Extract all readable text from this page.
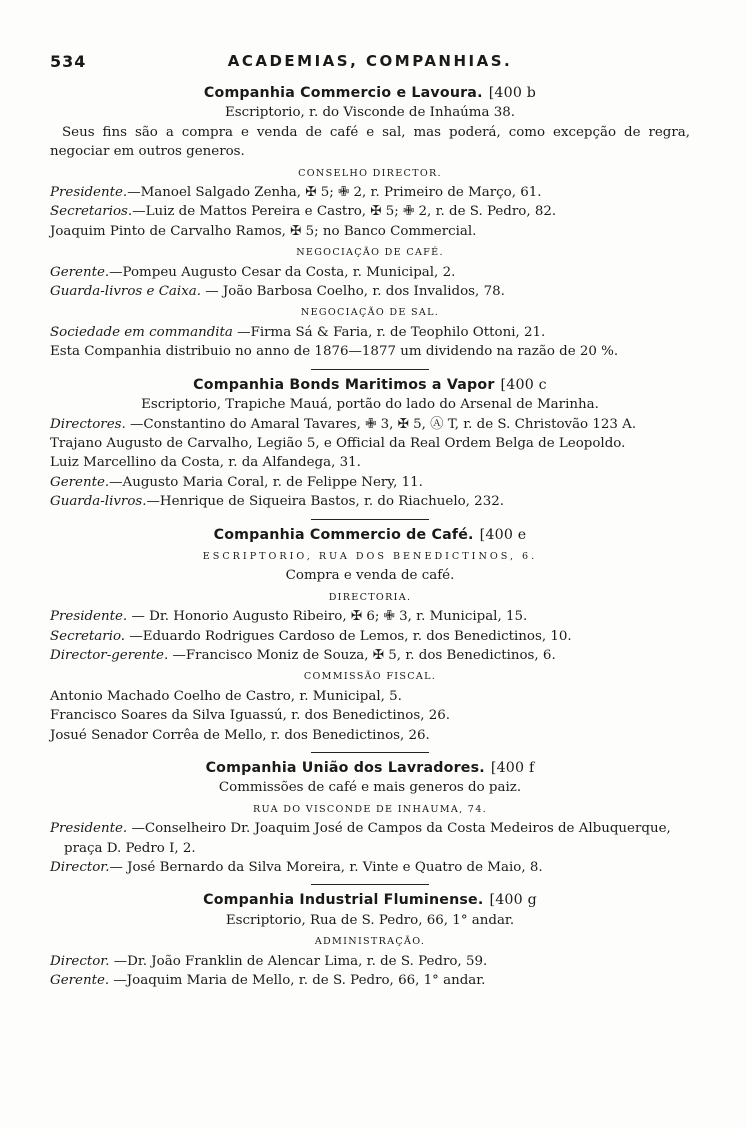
534	ACADEMIAS, COMPANHIAS.
Companhia Commercio e Lavoura. [400 b
Escriptorio, r. do Visconde de Inhaúma 38.
Seus fins são a compra e venda de café e sal, mas poderá, como excepção de regra, negociar em outros generos.
CONSELHO DIRECTOR.
Presidente.—Manoel Salgado Zenha, ✠ 5; ✙ 2, r. Primeiro de Março, 61.
Secretarios.—Luiz de Mattos Pereira e Castro, ✠ 5; ✙ 2, r. de S. Pedro, 82.
Joaquim Pinto de Carvalho Ramos, ✠ 5; no Banco Commercial.
NEGOCIAÇÃO DE CAFÉ.
Gerente.—Pompeu Augusto Cesar da Costa, r. Municipal, 2.
Guarda-livros e Caixa. — João Barbosa Coelho, r. dos Invalidos, 78.
NEGOCIAÇÃO DE SAL.
Sociedade em commandita —Firma Sá & Faria, r. de Teophilo Ottoni, 21.
Esta Companhia distribuio no anno de 1876—1877 um dividendo na razão de 20 %.
Companhia Bonds Maritimos a Vapor [400 c
Escriptorio, Trapiche Mauá, portão do lado do Arsenal de Marinha.
Directores. —Constantino do Amaral Tavares, ✙ 3, ✠ 5, Ⓐ T, r. de S. Christovão 123 A.
Trajano Augusto de Carvalho, Legião 5, e Official da Real Ordem Belga de Leopoldo.
Luiz Marcellino da Costa, r. da Alfandega, 31.
Gerente.—Augusto Maria Coral, r. de Felippe Nery, 11.
Guarda-livros.—Henrique de Siqueira Bastos, r. do Riachuelo, 232.
Companhia Commercio de Café. [400 e
ESCRIPTORIO, RUA DOS BENEDICTINOS, 6.
Compra e venda de café.
DIRECTORIA.
Presidente. — Dr. Honorio Augusto Ribeiro, ✠ 6; ✙ 3, r. Municipal, 15.
Secretario. —Eduardo Rodrigues Cardoso de Lemos, r. dos Benedictinos, 10.
Director-gerente. —Francisco Moniz de Souza, ✠ 5, r. dos Benedictinos, 6.
COMMISSÃO FISCAL.
Antonio Machado Coelho de Castro, r. Municipal, 5.
Francisco Soares da Silva Iguassú, r. dos Benedictinos, 26.
Josué Senador Corrêa de Mello, r. dos Benedictinos, 26.
Companhia União dos Lavradores. [400 f
Commissões de café e mais generos do paiz.
RUA DO VISCONDE DE INHAUMA, 74.
Presidente. —Conselheiro Dr. Joaquim José de Campos da Costa Medeiros de Albuquerque, praça D. Pedro I, 2.
Director.— José Bernardo da Silva Moreira, r. Vinte e Quatro de Maio, 8.
Companhia Industrial Fluminense. [400 g
Escriptorio, Rua de S. Pedro, 66, 1° andar.
ADMINISTRAÇÃO.
Director. —Dr. João Franklin de Alencar Lima, r. de S. Pedro, 59.
Gerente. —Joaquim Maria de Mello, r. de S. Pedro, 66, 1° andar.
